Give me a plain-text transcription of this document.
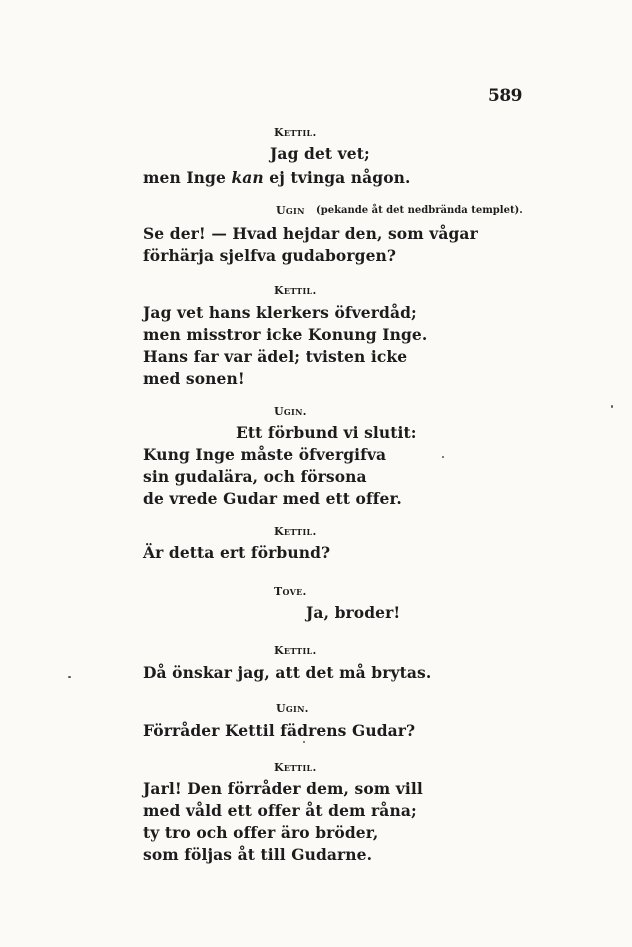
589
Kettil.
Jag det vet;
men Inge kan ej tvinga någon.
Ugin (pekande åt det nedbrända templet).
Se der! — Hvad hejdar den, som vågar
förhärja sjelfva gudaborgen?
Kettil.
Jag vet hans klerkers öfverdåd;
men misstror icke Konung Inge.
Hans far var ädel; tvisten icke
med sonen!
Ugin.
Ett förbund vi slutit:
Kung Inge måste öfvergifva
sin gudalära, och försona
de vrede Gudar med ett offer.
Kettil.
Är detta ert förbund?
Tove.
Ja, broder!
Kettil.
Då önskar jag, att det må brytas.
Ugin.
Förråder Kettil fädrens Gudar?
Kettil.
Jarl! Den förråder dem, som vill
med våld ett offer åt dem råna;
ty tro och offer äro bröder,
som följas åt till Gudarne.
